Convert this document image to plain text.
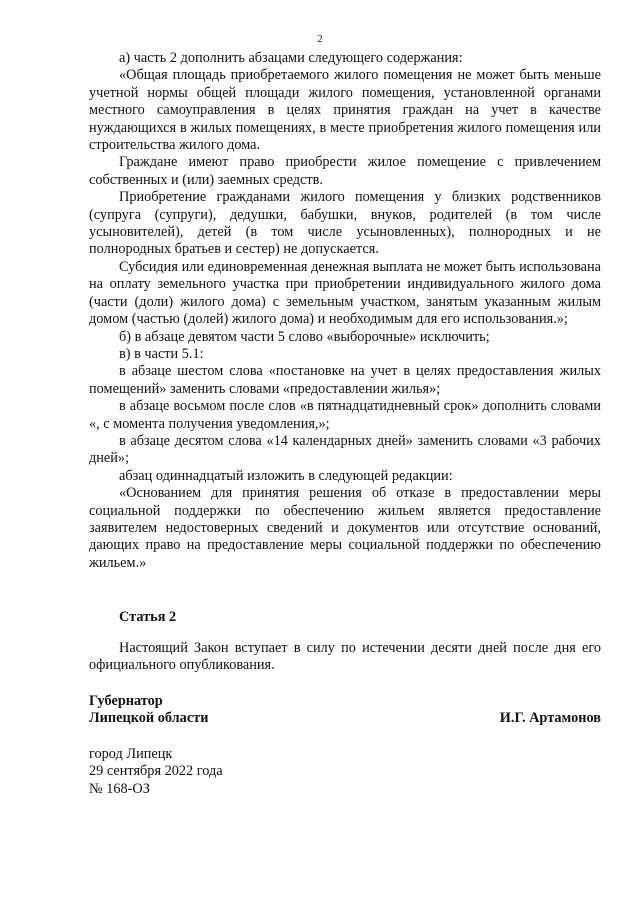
2

а) часть 2 дополнить абзацами следующего содержания:

«Общая площадь приобретаемого жилого помещения не может быть меньше учетной нормы общей площади жилого помещения, установленной органами местного самоуправления в целях принятия граждан на учет в качестве нуждающихся в жилых помещениях, в месте приобретения жилого помещения или строительства жилого дома.

Граждане имеют право приобрести жилое помещение с привлечением собственных и (или) заемных средств.

Приобретение гражданами жилого помещения у близких родственников (супруга (супруги), дедушки, бабушки, внуков, родителей (в том числе усыновителей), детей (в том числе усыновленных), полнородных и не полнородных братьев и сестер) не допускается.

Субсидия или единовременная денежная выплата не может быть использована на оплату земельного участка при приобретении индивидуального жилого дома (части (доли) жилого дома) с земельным участком, занятым указанным жилым домом (частью (долей) жилого дома) и необходимым для его использования.»;

б) в абзаце девятом части 5 слово «выборочные» исключить;

в) в части 5.1:

в абзаце шестом слова «постановке на учет в целях предоставления жилых помещений» заменить словами «предоставлении жилья»;

в абзаце восьмом после слов «в пятнадцатидневный срок» дополнить словами «, с момента получения уведомления,»;

в абзаце десятом слова «14 календарных дней» заменить словами «3 рабочих дней»;

абзац одиннадцатый изложить в следующей редакции:

«Основанием для принятия решения об отказе в предоставлении меры социальной поддержки по обеспечению жильем является предоставление заявителем недостоверных сведений и документов или отсутствие оснований, дающих право на предоставление меры социальной поддержки по обеспечению жильем.»

Статья 2

Настоящий Закон вступает в силу по истечении десяти дней после дня его официального опубликования.

Губернатор
Липецкой области	И.Г. Артамонов
город Липецк
29 сентября 2022 года
№ 168-ОЗ
